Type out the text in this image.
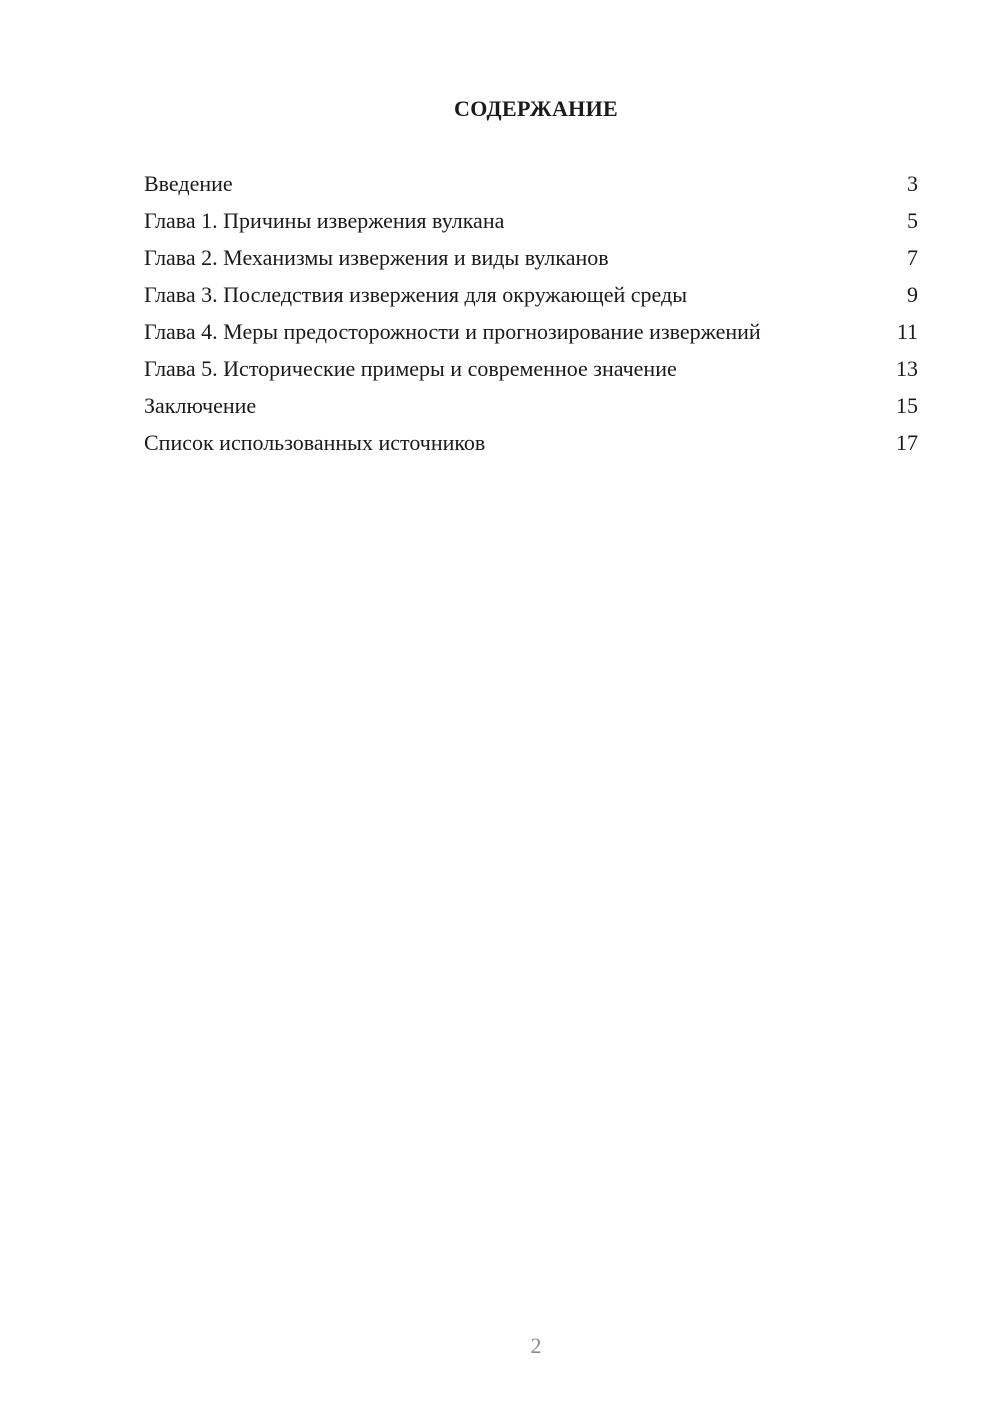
СОДЕРЖАНИЕ
Введение	3
Глава 1. Причины извержения вулкана	5
Глава 2. Механизмы извержения и виды вулканов	7
Глава 3. Последствия извержения для окружающей среды	9
Глава 4. Меры предосторожности и прогнозирование извержений	11
Глава 5. Исторические примеры и современное значение	13
Заключение	15
Список использованных источников	17
2
